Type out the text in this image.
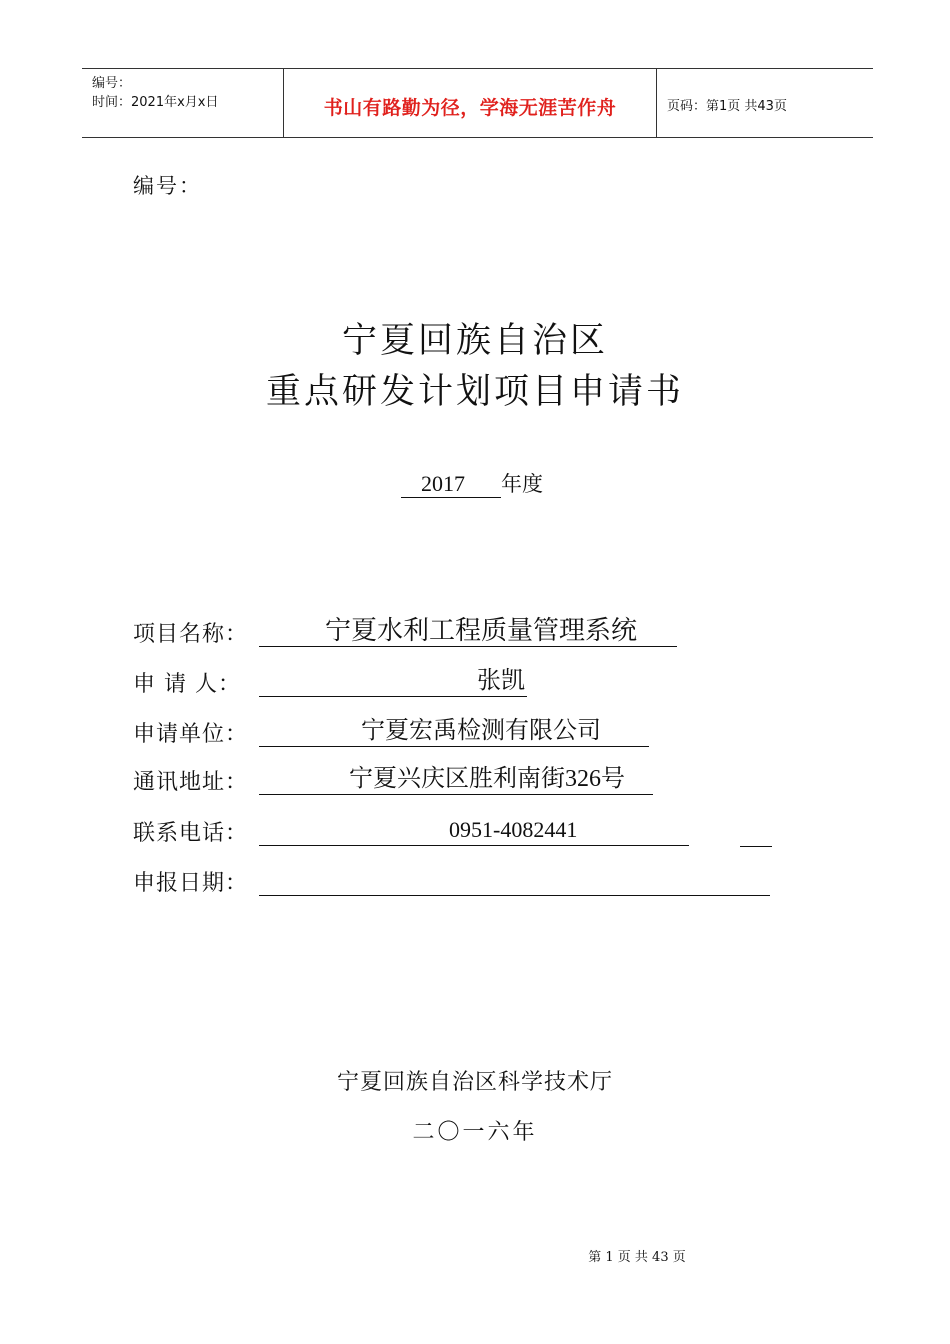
编号：
时间：2021年x月x日	书山有路勤为径，学海无涯苦作舟	页码：第1页 共43页
编号：
宁夏回族自治区
重点研发计划项目申请书
2017 年度
项目名称：	宁夏水利工程质量管理系统
申 请 人：	张凯
申请单位：	宁夏宏禹检测有限公司
通讯地址：	宁夏兴庆区胜利南街326号
联系电话：	0951-4082441
申报日期：
宁夏回族自治区科学技术厅
二〇一六年
第 1 页 共 43 页
